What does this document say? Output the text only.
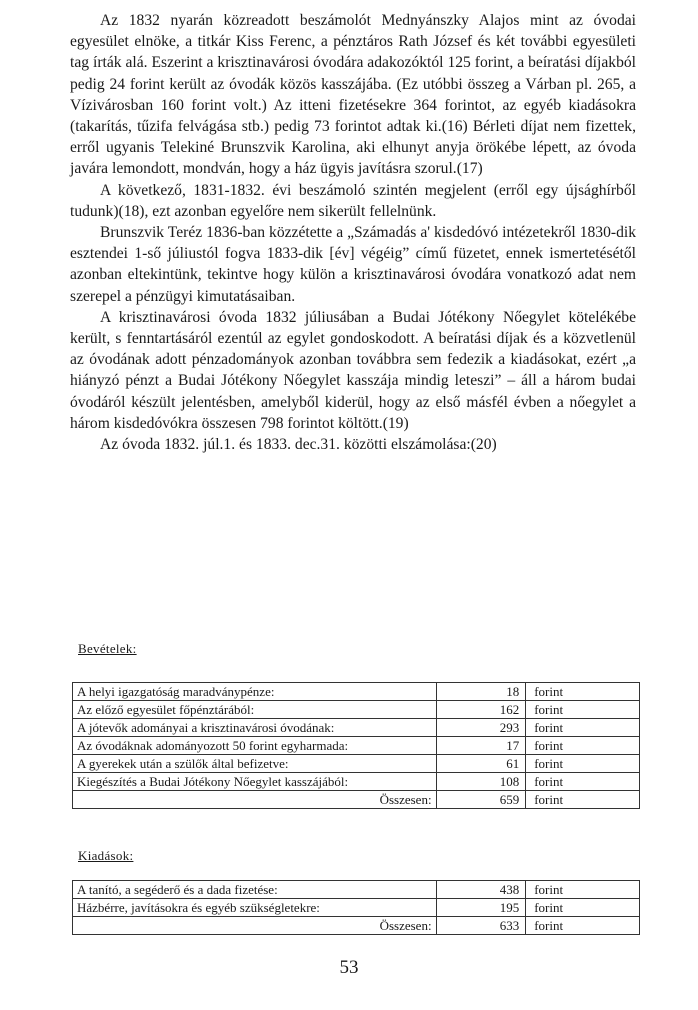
Az 1832 nyarán közreadott beszámolót Mednyánszky Alajos mint az óvodai egyesület elnöke, a titkár Kiss Ferenc, a pénztáros Rath József és két további egyesületi tag írták alá. Eszerint a krisztinavárosi óvodára adakozóktól 125 forint, a beíratási díjakból pedig 24 forint került az óvodák közös kasszájába. (Ez utóbbi összeg a Várban pl. 265, a Vízivárosban 160 forint volt.) Az itteni fizetésekre 364 forintot, az egyéb kiadásokra (takarítás, tűzifa felvágása stb.) pedig 73 forintot adtak ki.(16) Bérleti díjat nem fizettek, erről ugyanis Telekiné Brunszvik Karolina, aki elhunyt anyja örökébe lépett, az óvoda javára lemondott, mondván, hogy a ház ügyis javításra szorul.(17)

A következő, 1831-1832. évi beszámoló szintén megjelent (erről egy újsághírből tudunk)(18), ezt azonban egyelőre nem sikerült fellelnünk.

Brunszvik Teréz 1836-ban közzétette a „Számadás a' kisdedóvó intézetekről 1830-dik esztendei 1-ső júliustól fogva 1833-dik [év] végéig” című füzetet, ennek ismertetésétől azonban eltekintünk, tekintve hogy külön a krisztinavárosi óvodára vonatkozó adat nem szerepel a pénzügyi kimutatásaiban.

A krisztinavárosi óvoda 1832 júliusában a Budai Jótékony Nőegylet kötelékébe került, s fenntartásáról ezentúl az egylet gondoskodott. A beíratási díjak és a közvetlenül az óvodának adott pénzadományok azonban továbbra sem fedezik a kiadásokat, ezért „a hiányzó pénzt a Budai Jótékony Nőegylet kasszája mindig leteszi” – áll a három budai óvodáról készült jelentésben, amelyből kiderül, hogy az első másfél évben a nőegylet a három kisdedóvókra összesen 798 forintot költött.(19)

Az óvoda 1832. júl.1. és 1833. dec.31. közötti elszámolása:(20)

Bevételek:
A helyi igazgatóság maradványpénze:	18	forint
Az előző egyesület főpénztárából:	162	forint
A jótevők adományai a krisztinavárosi óvodának:	293	forint
Az óvodáknak adományozott 50 forint egyharmada:	17	forint
A gyerekek után a szülők által befizetve:	61	forint
Kiegészítés a Budai Jótékony Nőegylet kasszájából:	108	forint
Összesen:	659	forint
Kiadások:
A tanító, a segéderő és a dada fizetése:	438	forint
Házbérre, javításokra és egyéb szükségletekre:	195	forint
Összesen:	633	forint
53
